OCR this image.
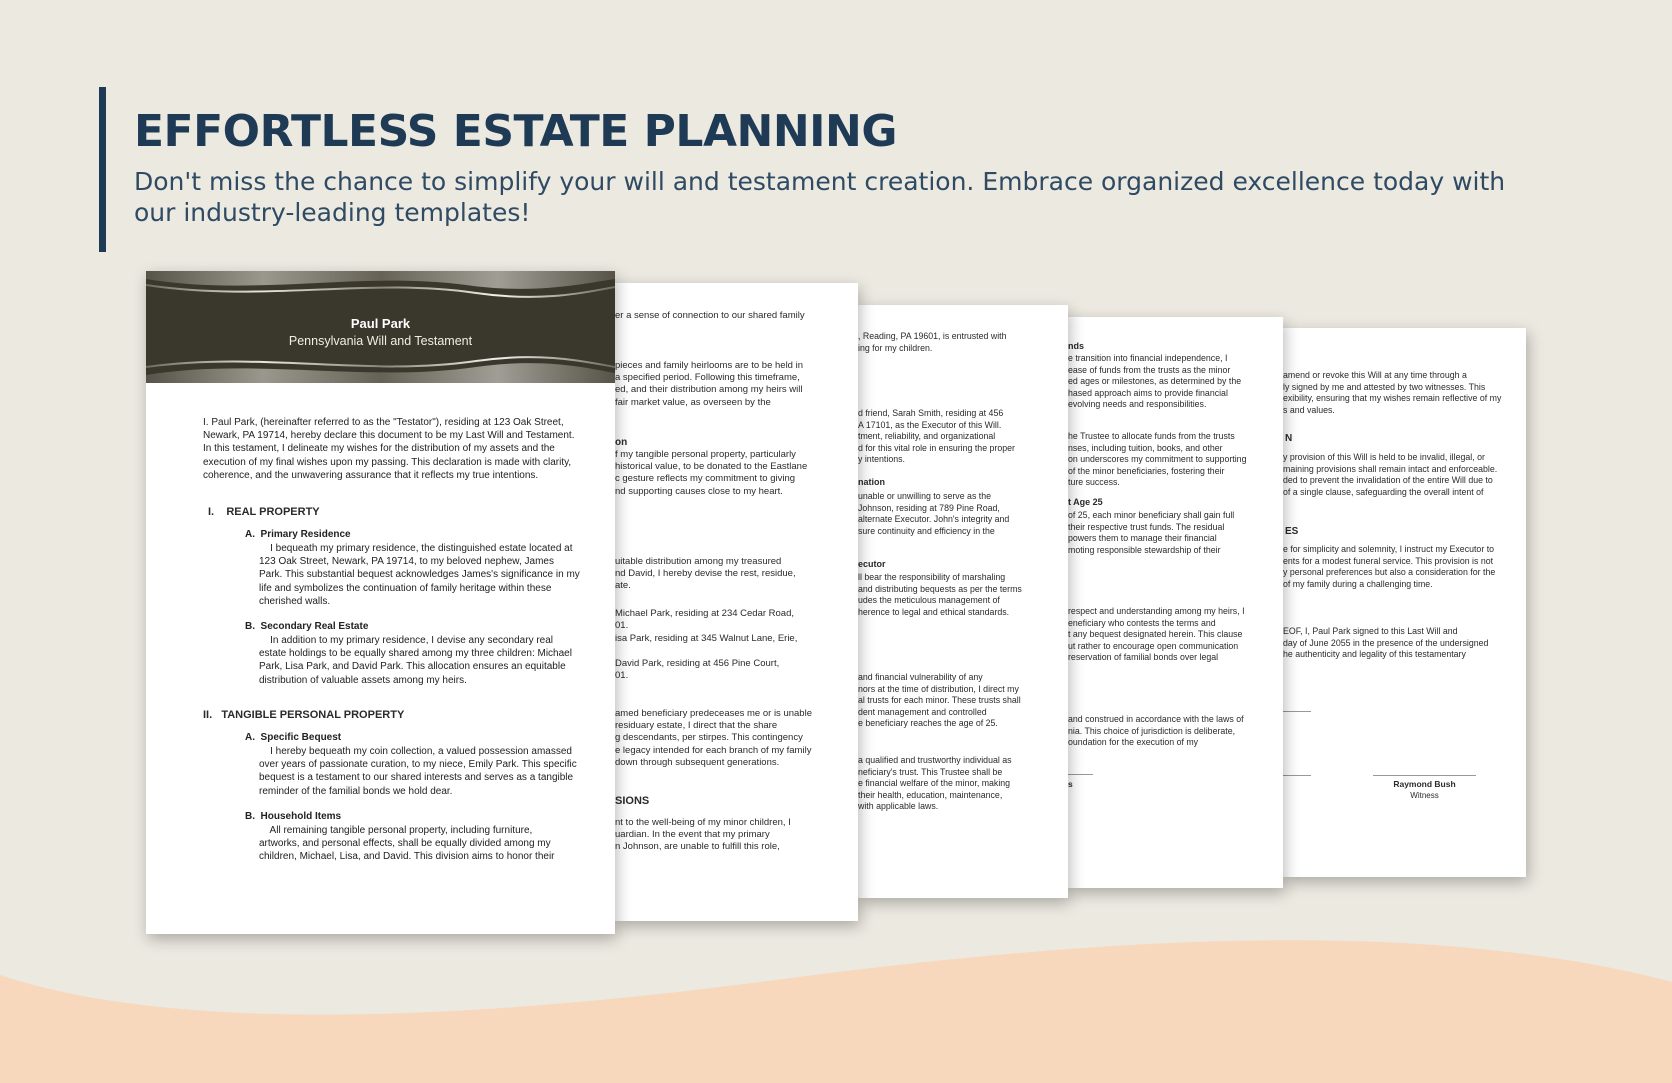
EFFORTLESS ESTATE PLANNING

Don't miss the chance to simplify your will and testament creation. Embrace organized excellence today with our industry-leading templates!

amend or revoke this Will at any time through a
ly signed by me and attested by two witnesses. This
exibility, ensuring that my wishes remain reflective of my
s and values.
N
y provision of this Will is held to be invalid, illegal, or
maining provisions shall remain intact and enforceable.
ded to prevent the invalidation of the entire Will due to
of a single clause, safeguarding the overall intent of
ES
e for simplicity and solemnity, I instruct my Executor to
ents for a modest funeral service. This provision is not
y personal preferences but also a consideration for the
of my family during a challenging time.
EOF, I, Paul Park signed to this Last Will and
day of June 2055 in the presence of the undersigned
he authenticity and legality of this testamentary
Raymond Bush
Witness
nds
e transition into financial independence, I
ease of funds from the trusts as the minor
ed ages or milestones, as determined by the
hased approach aims to provide financial
evolving needs and responsibilities.
he Trustee to allocate funds from the trusts
nses, including tuition, books, and other
on underscores my commitment to supporting
of the minor beneficiaries, fostering their
ture success.
t Age 25
of 25, each minor beneficiary shall gain full
their respective trust funds. The residual
powers them to manage their financial
moting responsible stewardship of their
respect and understanding among my heirs, I
eneficiary who contests the terms and
t any bequest designated herein. This clause
ut rather to encourage open communication
reservation of familial bonds over legal
and construed in accordance with the laws of
nia. This choice of jurisdiction is deliberate,
oundation for the execution of my
s
, Reading, PA 19601, is entrusted with
ing for my children.
d friend, Sarah Smith, residing at 456
A 17101, as the Executor of this Will.
tment, reliability, and organizational
d for this vital role in ensuring the proper
y intentions.
nation
unable or unwilling to serve as the
Johnson, residing at 789 Pine Road,
alternate Executor. John's integrity and
sure continuity and efficiency in the
ecutor
ll bear the responsibility of marshaling
and distributing bequests as per the terms
udes the meticulous management of
herence to legal and ethical standards.
and financial vulnerability of any
nors at the time of distribution, I direct my
al trusts for each minor. These trusts shall
dent management and controlled
e beneficiary reaches the age of 25.
a qualified and trustworthy individual as
neficiary's trust. This Trustee shall be
e financial welfare of the minor, making
their health, education, maintenance,
with applicable laws.
er a sense of connection to our shared family
pieces and family heirlooms are to be held in
a specified period. Following this timeframe,
ed, and their distribution among my heirs will
fair market value, as overseen by the
on
f my tangible personal property, particularly
historical value, to be donated to the Eastlane
c gesture reflects my commitment to giving
nd supporting causes close to my heart.
uitable distribution among my treasured
nd David, I hereby devise the rest, residue,
ate.
Michael Park, residing at 234 Cedar Road,
01.
isa Park, residing at 345 Walnut Lane, Erie,
David Park, residing at 456 Pine Court,
01.
amed beneficiary predeceases me or is unable
residuary estate, I direct that the share
g descendants, per stirpes. This contingency
e legacy intended for each branch of my family
down through subsequent generations.
SIONS
nt to the well-being of my minor children, I
uardian. In the event that my primary
n Johnson, are unable to fulfill this role,
Paul Park
Pennsylvania Will and Testament
I. Paul Park, (hereinafter referred to as the "Testator"), residing at 123 Oak Street,
Newark, PA 19714, hereby declare this document to be my Last Will and Testament.
In this testament, I delineate my wishes for the distribution of my assets and the
execution of my final wishes upon my passing. This declaration is made with clarity,
coherence, and the unwavering assurance that it reflects my true intentions.
I.    REAL PROPERTY
A.  Primary Residence
I bequeath my primary residence, the distinguished estate located at
123 Oak Street, Newark, PA 19714, to my beloved nephew, James
Park. This substantial bequest acknowledges James's significance in my
life and symbolizes the continuation of family heritage within these
cherished walls.
B.  Secondary Real Estate
In addition to my primary residence, I devise any secondary real
estate holdings to be equally shared among my three children: Michael
Park, Lisa Park, and David Park. This allocation ensures an equitable
distribution of valuable assets among my heirs.
II.   TANGIBLE PERSONAL PROPERTY
A.  Specific Bequest
I hereby bequeath my coin collection, a valued possession amassed
over years of passionate curation, to my niece, Emily Park. This specific
bequest is a testament to our shared interests and serves as a tangible
reminder of the familial bonds we hold dear.
B.  Household Items
All remaining tangible personal property, including furniture,
artworks, and personal effects, shall be equally divided among my
children, Michael, Lisa, and David. This division aims to honor their
